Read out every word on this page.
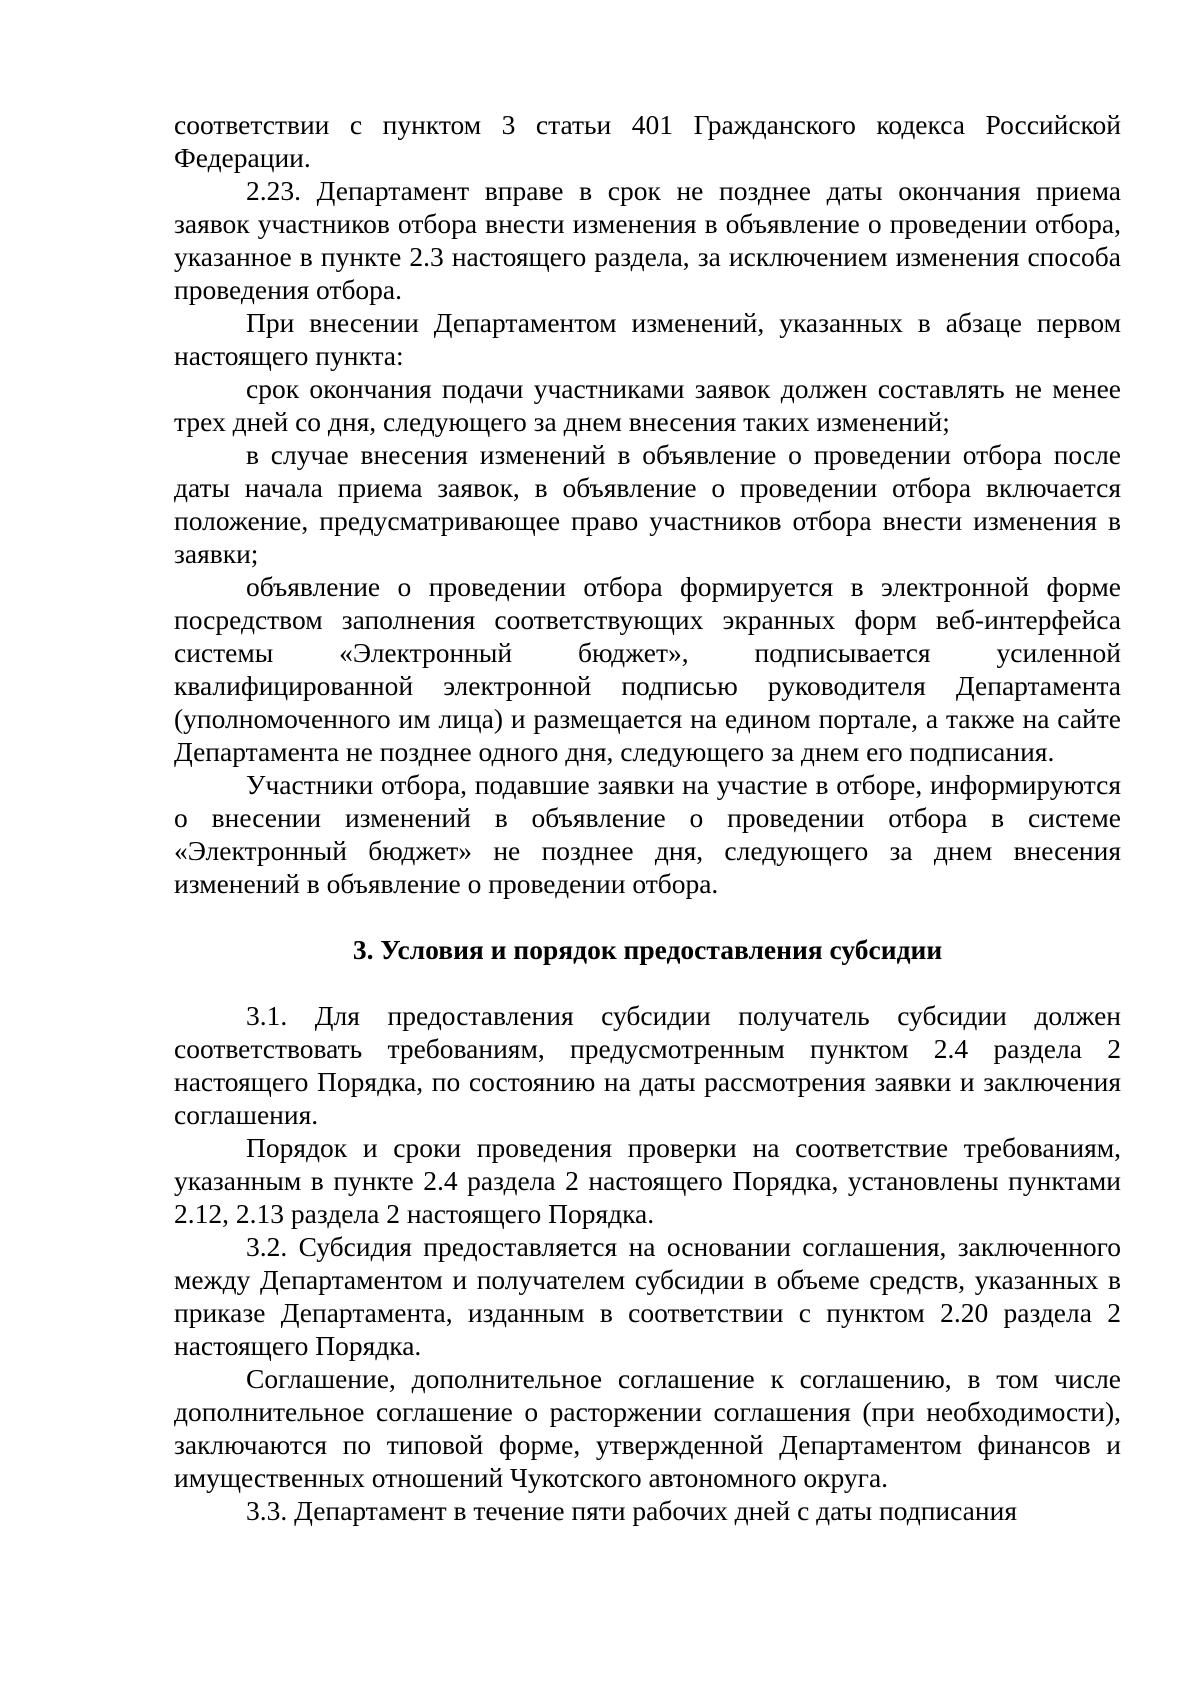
соответствии с пунктом 3 статьи 401 Гражданского кодекса Российской Федерации.

2.23. Департамент вправе в срок не позднее даты окончания приема заявок участников отбора внести изменения в объявление о проведении отбора, указанное в пункте 2.3 настоящего раздела, за исключением изменения способа проведения отбора.

При внесении Департаментом изменений, указанных в абзаце первом настоящего пункта:

срок окончания подачи участниками заявок должен составлять не менее трех дней со дня, следующего за днем внесения таких изменений;

в случае внесения изменений в объявление о проведении отбора после даты начала приема заявок, в объявление о проведении отбора включается положение, предусматривающее право участников отбора внести изменения в заявки;

объявление о проведении отбора формируется в электронной форме посредством заполнения соответствующих экранных форм веб-интерфейса системы «Электронный бюджет», подписывается усиленной квалифицированной электронной подписью руководителя Департамента (уполномоченного им лица) и размещается на едином портале, а также на сайте Департамента не позднее одного дня, следующего за днем его подписания.

Участники отбора, подавшие заявки на участие в отборе, информируются о внесении изменений в объявление о проведении отбора в системе «Электронный бюджет» не позднее дня, следующего за днем внесения изменений в объявление о проведении отбора.

3. Условия и порядок предоставления субсидии

3.1. Для предоставления субсидии получатель субсидии должен соответствовать требованиям, предусмотренным пунктом 2.4 раздела 2 настоящего Порядка, по состоянию на даты рассмотрения заявки и заключения соглашения.

Порядок и сроки проведения проверки на соответствие требованиям, указанным в пункте 2.4 раздела 2 настоящего Порядка, установлены пунктами 2.12, 2.13 раздела 2 настоящего Порядка.

3.2. Субсидия предоставляется на основании соглашения, заключенного между Департаментом и получателем субсидии в объеме средств, указанных в приказе Департамента, изданным в соответствии с пунктом 2.20 раздела 2 настоящего Порядка.

Соглашение, дополнительное соглашение к соглашению, в том числе дополнительное соглашение о расторжении соглашения (при необходимости), заключаются по типовой форме, утвержденной Департаментом финансов и имущественных отношений Чукотского автономного округа.

3.3. Департамент в течение пяти рабочих дней с даты подписания
